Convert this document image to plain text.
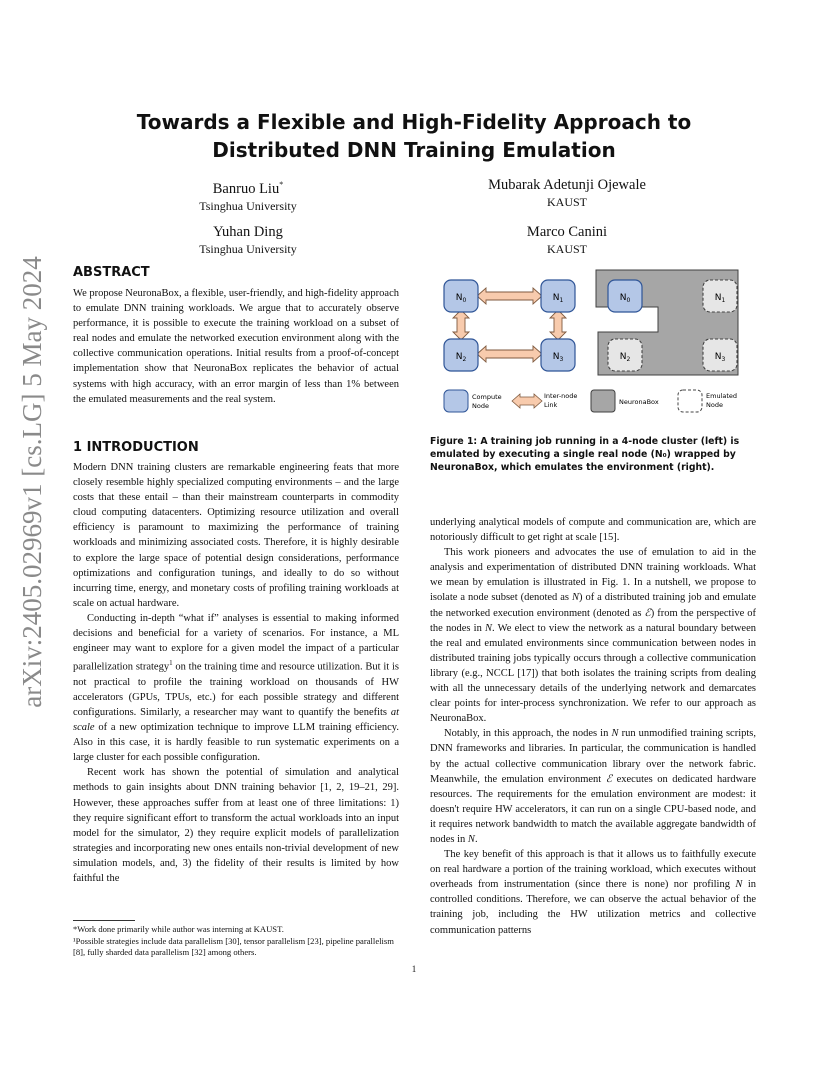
arXiv:2405.02969v1 [cs.LG] 5 May 2024
Towards a Flexible and High-Fidelity Approach to
Distributed DNN Training Emulation
Banruo Liu*
Tsinghua University
Mubarak Adetunji Ojewale
KAUST
Yuhan Ding
Tsinghua University
Marco Canini
KAUST
ABSTRACT

We propose NeuronaBox, a flexible, user-friendly, and high-fidelity approach to emulate DNN training workloads. We argue that to accurately observe performance, it is possible to execute the training workload on a subset of real nodes and emulate the networked execution environment along with the collective communication operations. Initial results from a proof-of-concept implementation show that NeuronaBox replicates the behavior of actual systems with high accuracy, with an error margin of less than 1% between the emulated measurements and the real system.

1 INTRODUCTION

Modern DNN training clusters are remarkable engineering feats that more closely resemble highly specialized computing environments – and the large costs that these entail – than their mainstream counterparts in commodity cloud computing datacenters. Optimizing resource utilization and overall efficiency is paramount to maximizing the performance of training workloads and minimizing associated costs. Therefore, it is highly desirable to explore the large space of potential design considerations, performance optimizations and configuration tunings, and ideally to do so without incurring time, energy, and monetary costs of profiling training workloads at scale on actual hardware.

Conducting in-depth “what if” analyses is essential to making informed decisions and beneficial for a variety of scenarios. For instance, a ML engineer may want to explore for a given model the impact of a particular parallelization strategy$^1$ on the training time and resource utilization. But it is not practical to profile the training workload on thousands of HW accelerators (GPUs, TPUs, etc.) for each possible strategy and different configurations. Similarly, a researcher may want to quantify the benefits at scale of a new optimization technique to improve LLM training efficiency. Also in this case, it is hardly feasible to run systematic experiments on a large cluster for each possible configuration.

Recent work has shown the potential of simulation and analytical methods to gain insights about DNN training behavior [1, 2, 19–21, 29]. However, these approaches suffer from at least one of three limitations: 1) they require significant effort to transform the actual workloads into an input model for the simulator, 2) they require explicit models of parallelization strategies and incorporating new ones entails non-trivial development of new simulation models, and, 3) the fidelity of their results is limited by how faithful the

*Work done primarily while author was interning at KAUST.
¹Possible strategies include data parallelism [30], tensor parallelism [23], pipeline parallelism [8], fully sharded data parallelism [32] among others.
$N_0$	$N_1$
$N_2$	$N_3$
$N_0$	$N_1$
$N_2$	$N_3$
Compute
Node
Inter-node
Link	NeuronaBox
Emulated
Node
Figure 1: A training job running in a 4-node cluster (left) is emulated by executing a single real node (N₀) wrapped by NeuronaBox, which emulates the environment (right).

underlying analytical models of compute and communication are, which are notoriously difficult to get right at scale [15].

This work pioneers and advocates the use of emulation to aid in the analysis and experimentation of distributed DNN training workloads. What we mean by emulation is illustrated in Fig. 1. In a nutshell, we propose to isolate a node subset (denoted as N) of a distributed training job and emulate the networked execution environment (denoted as ℰ) from the perspective of the nodes in N. We elect to view the network as a natural boundary between the real and emulated environments since communication between nodes in distributed training jobs typically occurs through a collective communication library (e.g., NCCL [17]) that both isolates the training scripts from dealing with all the unnecessary details of the underlying network and demarcates clear points for inter-process synchronization. We refer to our approach as NeuronaBox.

Notably, in this approach, the nodes in N run unmodified training scripts, DNN frameworks and libraries. In particular, the communication is handled by the actual collective communication library over the network fabric. Meanwhile, the emulation environment ℰ executes on dedicated hardware resources. The requirements for the emulation environment are modest: it doesn't require HW accelerators, it can run on a single CPU-based node, and it requires network bandwidth to match the available aggregate bandwidth of nodes in N.

The key benefit of this approach is that it allows us to faithfully execute on real hardware a portion of the training workload, which executes without overheads from instrumentation (since there is none) nor profiling N in controlled conditions. Therefore, we can observe the actual behavior of the training job, including the HW utilization metrics and collective communication patterns

1
